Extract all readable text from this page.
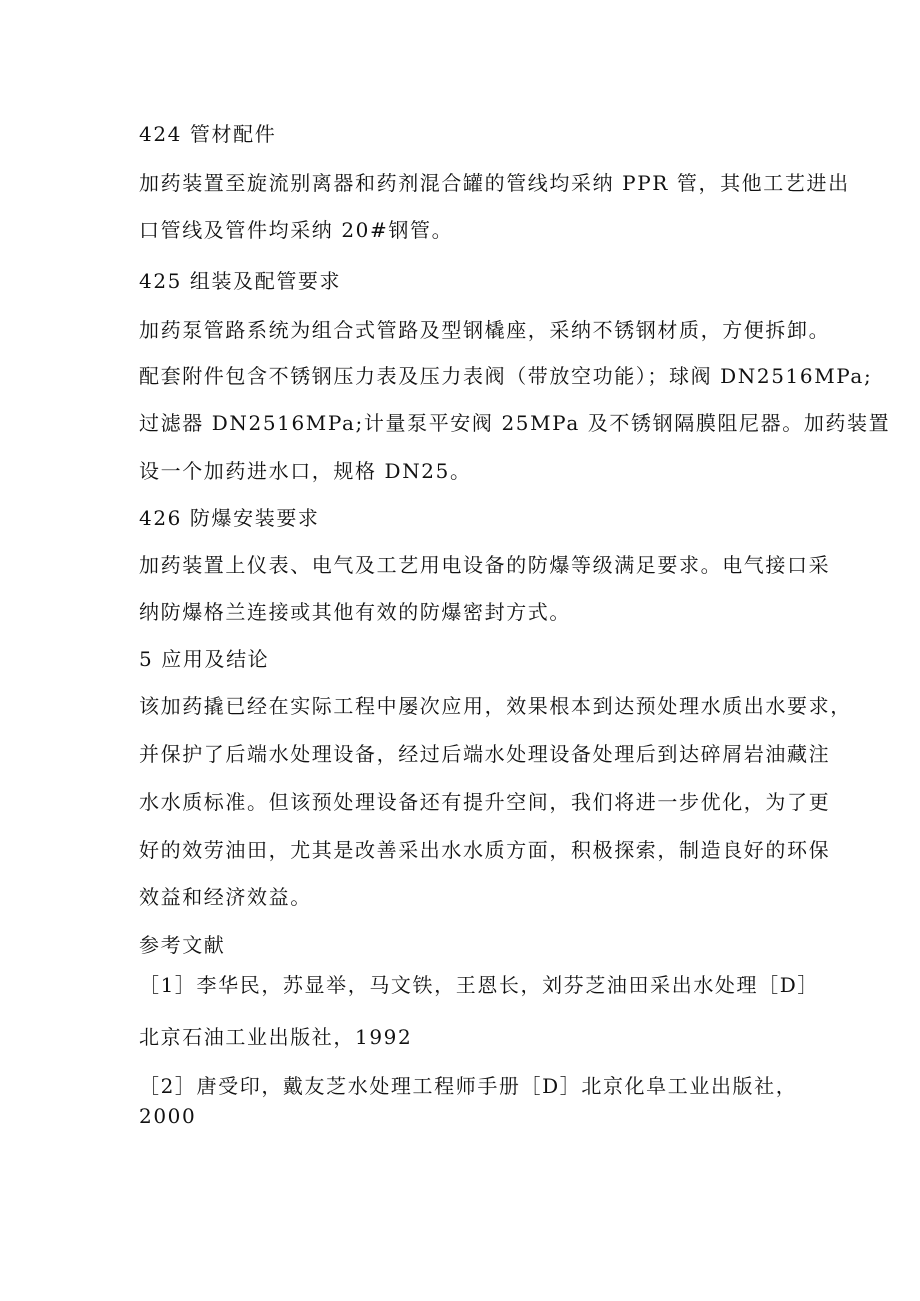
424 管材配件
加药装置至旋流别离器和药剂混合罐的管线均采纳 PPR 管，其他工艺进出
口管线及管件均采纳 20#钢管。
425 组装及配管要求
加药泵管路系统为组合式管路及型钢橇座，采纳不锈钢材质，方便拆卸。
配套附件包含不锈钢压力表及压力表阀（带放空功能）；球阀 DN2516MPa;
过滤器 DN2516MPa;计量泵平安阀 25MPa 及不锈钢隔膜阻尼器。加药装置
设一个加药进水口，规格 DN25。
426 防爆安装要求
加药装置上仪表、电气及工艺用电设备的防爆等级满足要求。电气接口采
纳防爆格兰连接或其他有效的防爆密封方式。
5 应用及结论
该加药撬已经在实际工程中屡次应用，效果根本到达预处理水质出水要求，
并保护了后端水处理设备，经过后端水处理设备处理后到达碎屑岩油藏注
水水质标准。但该预处理设备还有提升空间，我们将进一步优化，为了更
好的效劳油田，尤其是改善采出水水质方面，积极探索，制造良好的环保
效益和经济效益。
参考文献
［1］李华民，苏显举，马文铁，王恩长，刘芬芝油田采出水处理［D］
北京石油工业出版社，1992
［2］唐受印，戴友芝水处理工程师手册［D］北京化阜工业出版社，
2000
